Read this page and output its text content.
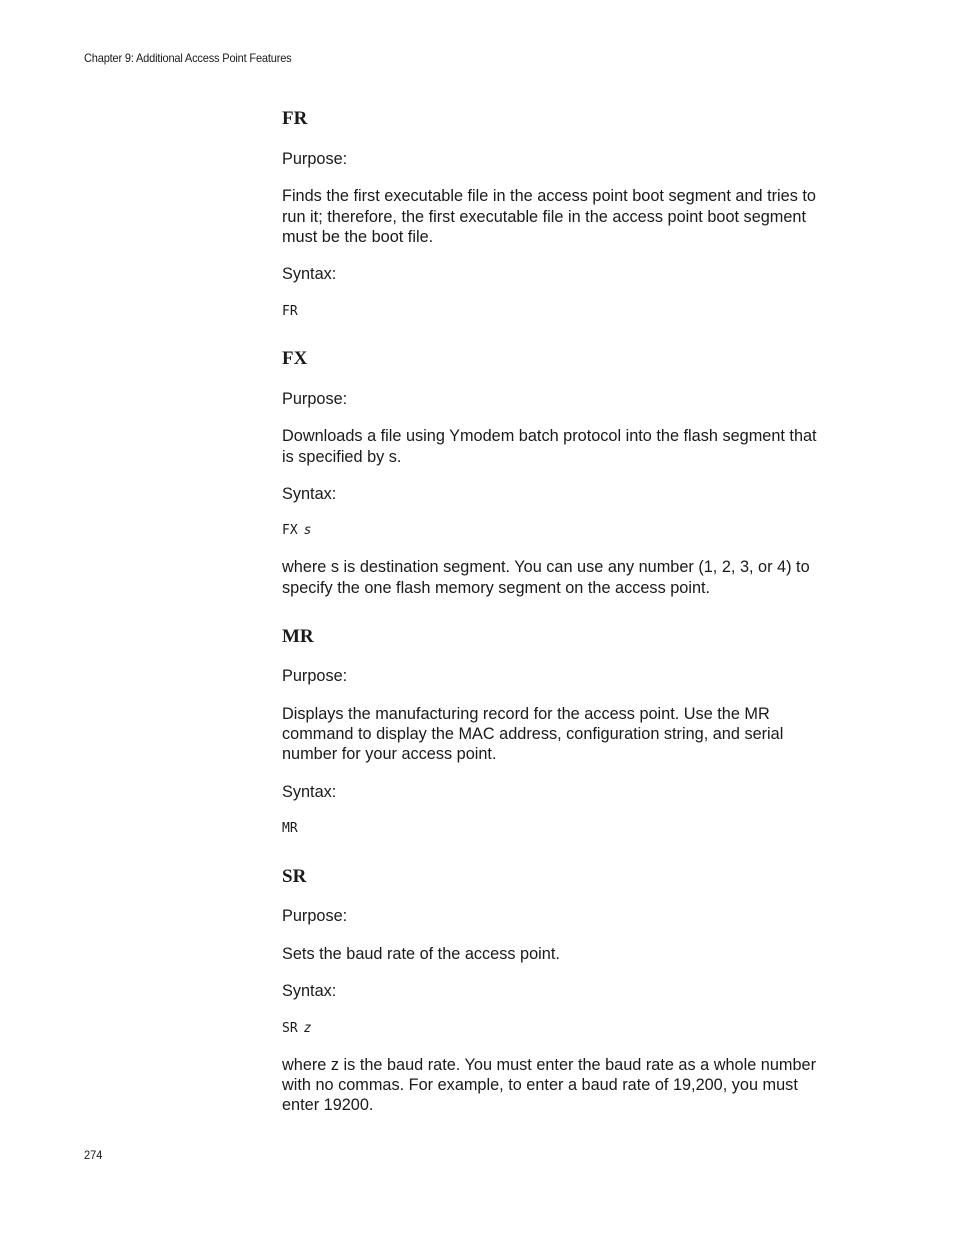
Chapter 9: Additional Access Point Features
FR
Purpose:
Finds the first executable file in the access point boot segment and tries to
run it; therefore, the first executable file in the access point boot segment
must be the boot file.
Syntax:
FR
FX
Purpose:
Downloads a file using Ymodem batch protocol into the flash segment that
is specified by s.
Syntax:
FX s
where s is destination segment. You can use any number (1, 2, 3, or 4) to
specify the one flash memory segment on the access point.
MR
Purpose:
Displays the manufacturing record for the access point. Use the MR
command to display the MAC address, configuration string, and serial
number for your access point.
Syntax:
MR
SR
Purpose:
Sets the baud rate of the access point.
Syntax:
SR z
where z is the baud rate. You must enter the baud rate as a whole number
with no commas. For example, to enter a baud rate of 19,200, you must
enter 19200.
274
